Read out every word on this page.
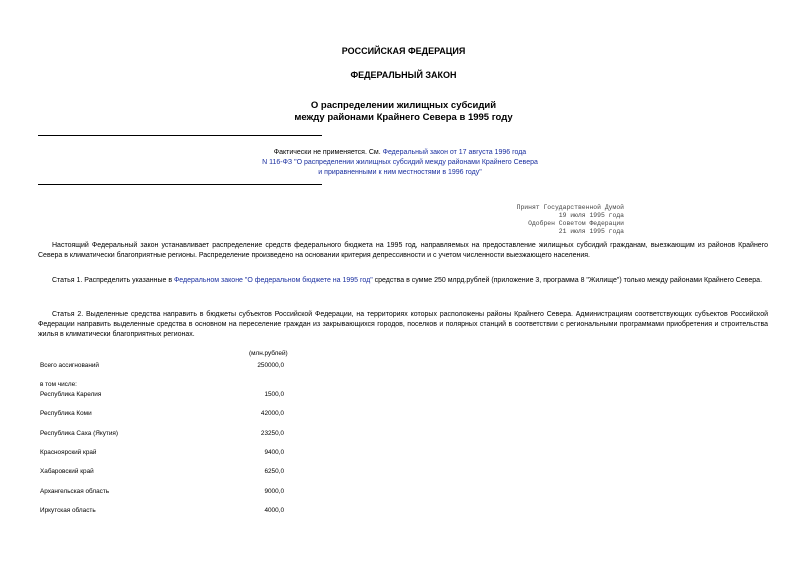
РОССИЙСКАЯ ФЕДЕРАЦИЯ
ФЕДЕРАЛЬНЫЙ ЗАКОН
О распределении жилищных субсидий
между районами Крайнего Севера в 1995 году
Фактически не применяется. См. Федеральный закон от 17 августа 1996 года
N 116-ФЗ "О распределении жилищных субсидий между районами Крайнего Севера
и приравненными к ним местностями в 1996 году"
Принят Государственной Думой
19 июля 1995 года
Одобрен Советом Федерации
21 июля 1995 года

Настоящий Федеральный закон устанавливает распределение средств федерального бюджета на 1995 год, направляемых на предоставление жилищных субсидий гражданам, выезжающим из районов Крайнего Севера в климатически благоприятные регионы. Распределение произведено на основании критерия депрессивности и с учетом численности выезжающего населения.

Статья 1. Распределить указанные в Федеральном законе "О федеральном бюджете на 1995 год" средства в сумме 250 млрд.рублей (приложение 3, программа 8 "Жилище") только между районами Крайнего Севера.

Статья 2. Выделенные средства направить в бюджеты субъектов Российской Федерации, на территориях которых расположены районы Крайнего Севера. Администрациям соответствующих субъектов Российской Федерации направить выделенные средства в основном на переселение граждан из закрывающихся городов, поселков и полярных станций в соответствии с региональными программами приобретения и строительства жилья в климатически благоприятных регионах.

(млн.рублей)
Всего ассигнований	250000,0
в том числе:
Республика Карелия	1500,0
Республика Коми	42000,0
Республика Саха (Якутия)	23250,0
Красноярский край	9400,0
Хабаровский край	6250,0
Архангельская область	9000,0
Иркутская область	4000,0
